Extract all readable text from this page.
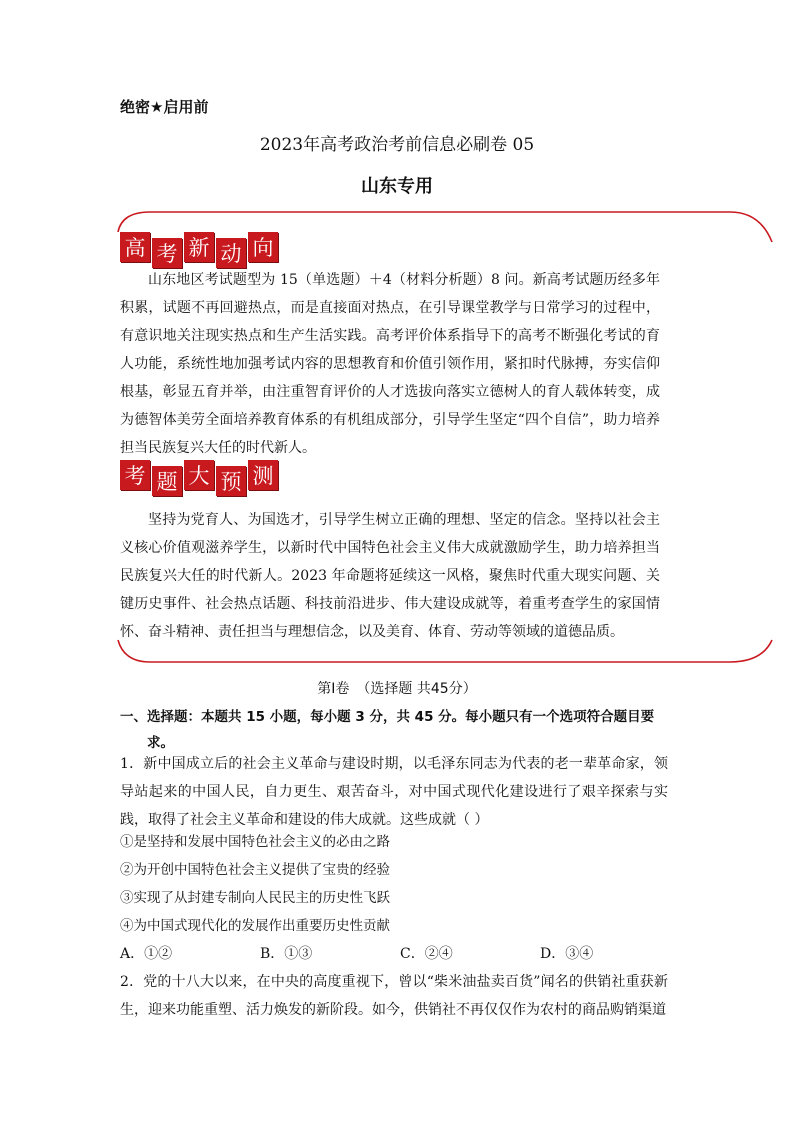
绝密★启用前
2023年高考政治考前信息必刷卷 05
山东专用
高 考 新 动 向
山东地区考试题型为 15（单选题）＋4（材料分析题）8 问。新高考试题历经多年积累，试题不再回避热点，而是直接面对热点，在引导课堂教学与日常学习的过程中，有意识地关注现实热点和生产生活实践。高考评价体系指导下的高考不断强化考试的育人功能，系统性地加强考试内容的思想教育和价值引领作用，紧扣时代脉搏，夯实信仰根基，彰显五育并举，由注重智育评价的人才选拔向落实立德树人的育人载体转变，成为德智体美劳全面培养教育体系的有机组成部分，引导学生坚定“四个自信”，助力培养担当民族复兴大任的时代新人。
考 题 大 预 测
坚持为党育人、为国选才，引导学生树立正确的理想、坚定的信念。坚持以社会主义核心价值观滋养学生，以新时代中国特色社会主义伟大成就激励学生，助力培养担当民族复兴大任的时代新人。2023 年命题将延续这一风格，聚焦时代重大现实问题、关键历史事件、社会热点话题、科技前沿进步、伟大建设成就等，着重考查学生的家国情怀、奋斗精神、责任担当与理想信念，以及美育、体育、劳动等领域的道德品质。
第Ⅰ卷　（选择题 共45分）
一、选择题：本题共 15 小题，每小题 3 分，共 45 分。每小题只有一个选项符合题目要
求。
1．新中国成立后的社会主义革命与建设时期，以毛泽东同志为代表的老一辈革命家，领导站起来的中国人民，自力更生、艰苦奋斗，对中国式现代化建设进行了艰辛探索与实践，取得了社会主义革命和建设的伟大成就。这些成就（ ）
①是坚持和发展中国特色社会主义的必由之路
②为开创中国特色社会主义提供了宝贵的经验
③实现了从封建专制向人民民主的历史性飞跃
④为中国式现代化的发展作出重要历史性贡献
A．①②	B．①③	C．②④	D．③④
2．党的十八大以来，在中央的高度重视下，曾以“柴米油盐卖百货”闻名的供销社重获新生，迎来功能重塑、活力焕发的新阶段。如今，供销社不再仅仅作为农村的商品购销渠道
